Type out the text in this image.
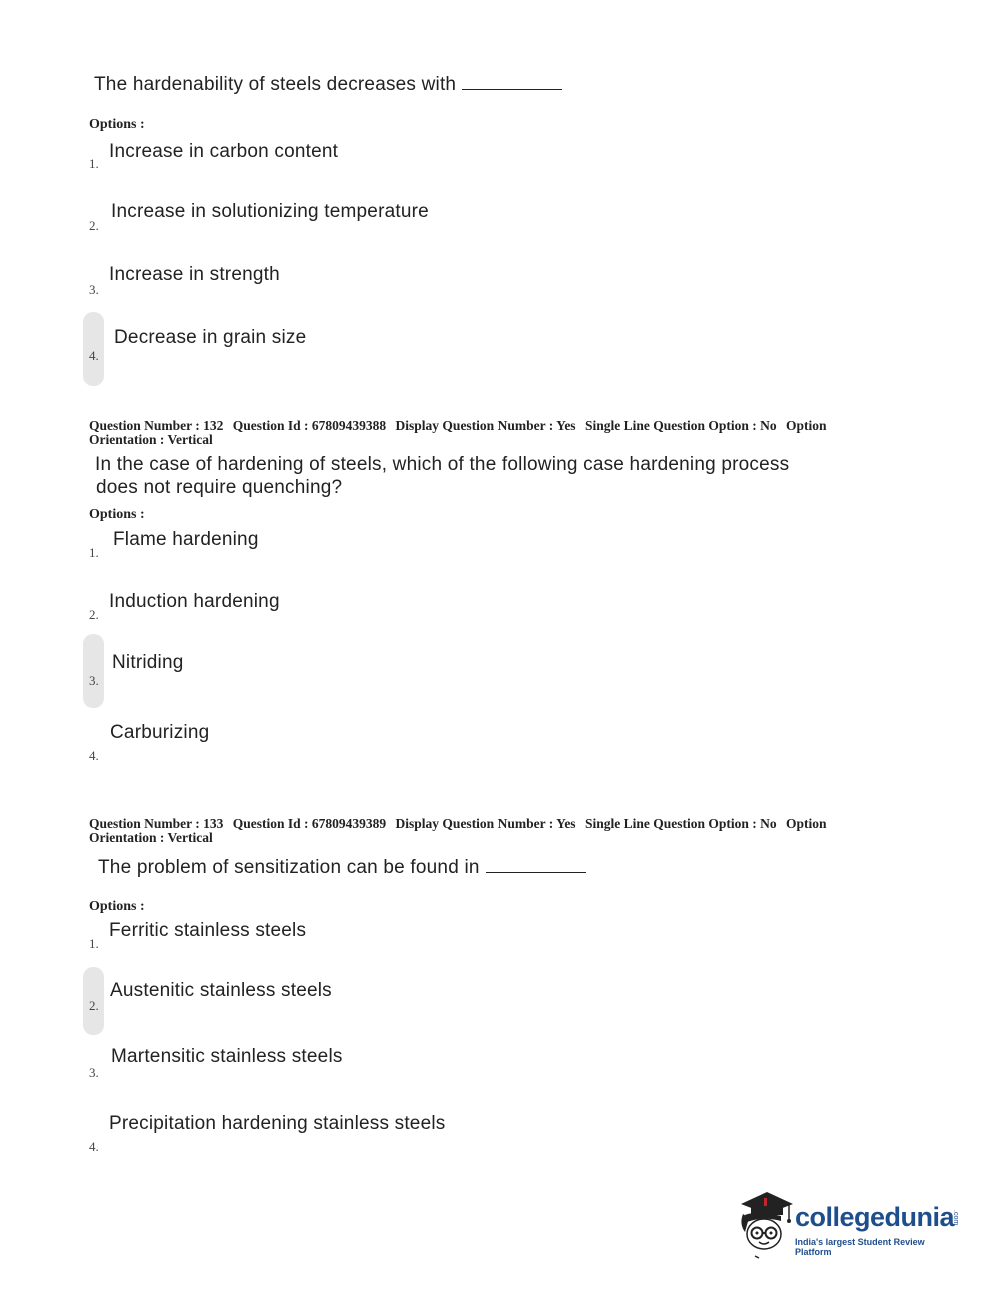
The hardenability of steels decreases with
Options :
1.
Increase in carbon content
2.
Increase in solutionizing temperature
3.
Increase in strength
4.
Decrease in grain size
Question Number : 132 Question Id : 67809439388 Display Question Number : Yes Single Line Question Option : No Option Orientation : Vertical
In the case of hardening of steels, which of the following case hardening process
does not require quenching?
Options :
1.
Flame hardening
2.
Induction hardening
3.
Nitriding
4.
Carburizing
Question Number : 133 Question Id : 67809439389 Display Question Number : Yes Single Line Question Option : No Option Orientation : Vertical
The problem of sensitization can be found in
Options :
1.
Ferritic stainless steels
2.
Austenitic stainless steels
3.
Martensitic stainless steels
4.
Precipitation hardening stainless steels
collegedunia
.com
India's largest Student Review Platform
